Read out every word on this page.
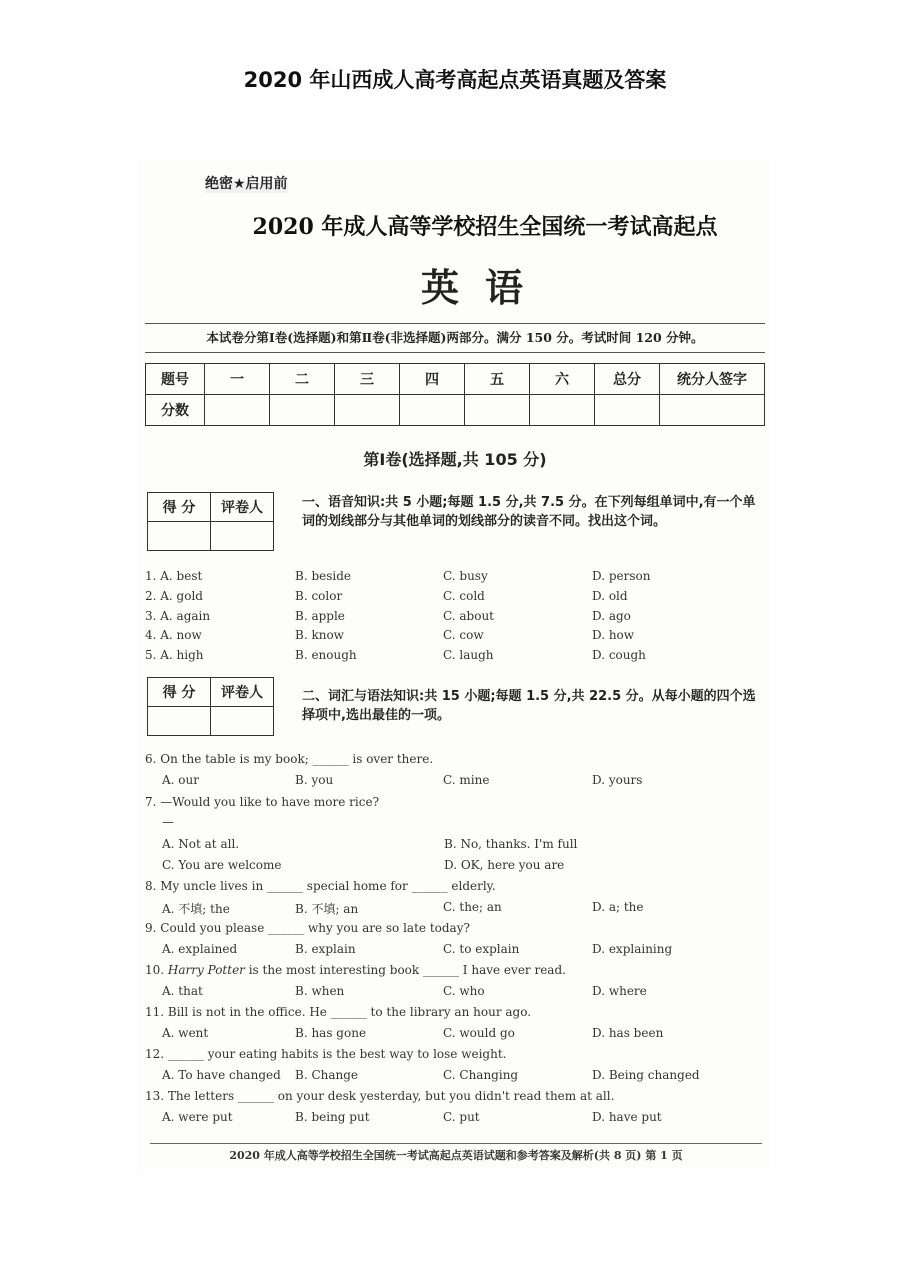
2020 年山西成人高考高起点英语真题及答案
绝密★启用前
2020 年成人高等学校招生全国统一考试高起点
英语
本试卷分第Ⅰ卷(选择题)和第Ⅱ卷(非选择题)两部分。满分 150 分。考试时间 120 分钟。
题号	一	二	三	四	五	六	总分	统分人签字
分数								
第Ⅰ卷(选择题,共 105 分)
得 分	评卷人
		一、语音知识:共 5 小题;每题 1.5 分,共 7.5 分。在下列每组单词中,有一个单词的划线部分与其他单词的划线部分的读音不同。找出这个词。
1. A. best	B. beside	C. busy	D. person
2. A. gold	B. color	C. cold	D. old
3. A. again	B. apple	C. about	D. ago
4. A. now	B. know	C. cow	D. how
5. A. high	B. enough	C. laugh	D. cough
得 分	评卷人
		二、词汇与语法知识:共 15 小题;每题 1.5 分,共 22.5 分。从每小题的四个选择项中,选出最佳的一项。
6. On the table is my book; ______ is over there.
A. our	B. you	C. mine	D. yours
7. —Would you like to have more rice?
—
A. Not at all.	B. No, thanks. I'm full
C. You are welcome	D. OK, here you are
8. My uncle lives in ______ special home for ______ elderly.
A. 不填; the	B. 不填; an	C. the; an	D. a; the
9. Could you please ______ why you are so late today?
A. explained	B. explain	C. to explain	D. explaining
10. Harry Potter is the most interesting book ______ I have ever read.
A. that	B. when	C. who	D. where
11. Bill is not in the office. He ______ to the library an hour ago.
A. went	B. has gone	C. would go	D. has been
12. ______ your eating habits is the best way to lose weight.
A. To have changed B. Change	C. Changing	D. Being changed
13. The letters ______ on your desk yesterday, but you didn't read them at all.
A. were put	B. being put	C. put	D. have put
2020 年成人高等学校招生全国统一考试高起点英语试题和参考答案及解析(共 8 页) 第 1 页
